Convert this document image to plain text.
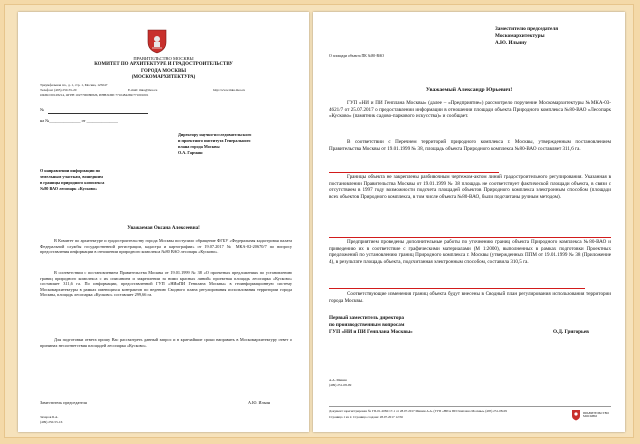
ПРАВИТЕЛЬСТВО МОСКВЫ
КОМИТЕТ ПО АРХИТЕКТУРЕ И ГРАДОСТРОИТЕЛЬСТВУ
ГОРОДА МОСКВЫ
(МОСКОМАРХИТЕКТУРА)
Триумфальная пл., д. 1, стр. 1, Москва, 125047
Телефон: (495) 250-55-20	E-mail: mka@mos.ru	http://www.mka.mos.ru
ОКПО 00128214, ОГРН 1027700080826, ИНН/КПП 7710484269/771001001
№
на №_______________ от _______________
Директору научно-исследовательского
и проектного института Генерального
плана города Москвы
О.А. Гармаш
О направлении информации по
земельным участкам, вошедшим
в границы природного комплекса
№80 ВАО лесопарк «Кусково»
Уважаемая Оксана Алексеевна!
В Комитет по архитектуре и градостроительству города Москвы поступило обращение ФГБУ «Федеральная кадастровая палата Федеральной службы государственной регистрации, кадастра и картографии» от 19.07.2017 № МКА-02-20670/7 по вопросу предоставления информации в отношении природного комплекса №80 ВАО лесопарк «Кусково».
В соответствии с постановлением Правительства Москвы от 19.01.1999 № 38 «О проектных предложениях по установлению границ природного комплекса с их описанием и закреплении за ними красных линий» проектная площадь лесопарка «Кусково» составляет 311,6 га. По информации, предоставленной ГУП «НИиПИ Генплана Москвы» в геоинформационную систему Москомархитектуры в рамках имеющихся контрактов по ведению Сводного плана регулирования использования территории города Москвы, площадь лесопарка «Кусково» составляет 299,66 га.
Для подготовки ответа прошу Вас рассмотреть данный запрос и в кратчайшие сроки направить в Москомархитектуру ответ о причинах несоответствия площадей лесопарка «Кусково».
Заместитель председателя	А.Ю. Ильин
Захаров Б.А.
(499) 250-55-16
Заместителю председателя
Москомархитектуры
А.Ю. Ильину
О площади объекта ПК №80-ВАО
Уважаемый Александр Юрьевич!
ГУП «НИ и ПИ Генплана Москвы» (далее – «Предприятие») рассмотрело поручение Москомархитектуры №МКА-03-4621/7 от 25.07.2017 о предоставлении информации в отношении площади объекта Природного комплекса №80-ВАО «Лесопарк «Кусково» (памятник садово-паркового искусства)» и сообщает.
В соответствии с Перечнем территорий природного комплекса г. Москвы, утвержденным постановлением Правительства Москвы от 19.01.1999 № 38, площадь объекта Природного комплекса №80-ВАО составляет 311,6 га.
Границы объекта не закреплены разбивочным чертежом-актом линий градостроительного регулирования. Указанная в постановлении Правительства Москвы от 19.01.1999 № 38 площадь не соответствует фактической площади объекта, в связи с отсутствием в 1997 году возможности подсчета площадей объектов Природного комплекса электронным способом (площади всех объектов Природного комплекса, в том числе объекта №80-ВАО, были подсчитаны ручным методом).
Предприятием проведены дополнительные работы по уточнению границ объекта Природного комплекса №80-ВАО и приведению их в соответствие с графическими материалами (М 1:2000), выполненных в рамках подготовки Проектных предложений по установлению границ Природного комплекса г. Москвы (утвержденных ППМ от 19.01.1999 № 38 (Приложение 4), в результате площадь объекта, подсчитанная электронным способом, составила 310,5 га.
Соответствующие изменения границ объекта будут внесены в Сводный план регулирования использования территории города Москвы.
Первый заместитель директора
по производственным вопросам
ГУП «НИ и ПИ Генплана Москвы»	О.Д. Григорьев
А.А. Минин
(499) 251-08-09
Документ зарегистрирован № ГП-01-2082/17-1 от 28.07.2017 Минин А.А. (ГУП «НИ и ПИ Генплана Москвы» (495) 251-08-09
Страница 1 из 2. Страница создана: 28.07.2017 12:56
ПРАВИТЕЛЬСТВО МОСКВЫ
